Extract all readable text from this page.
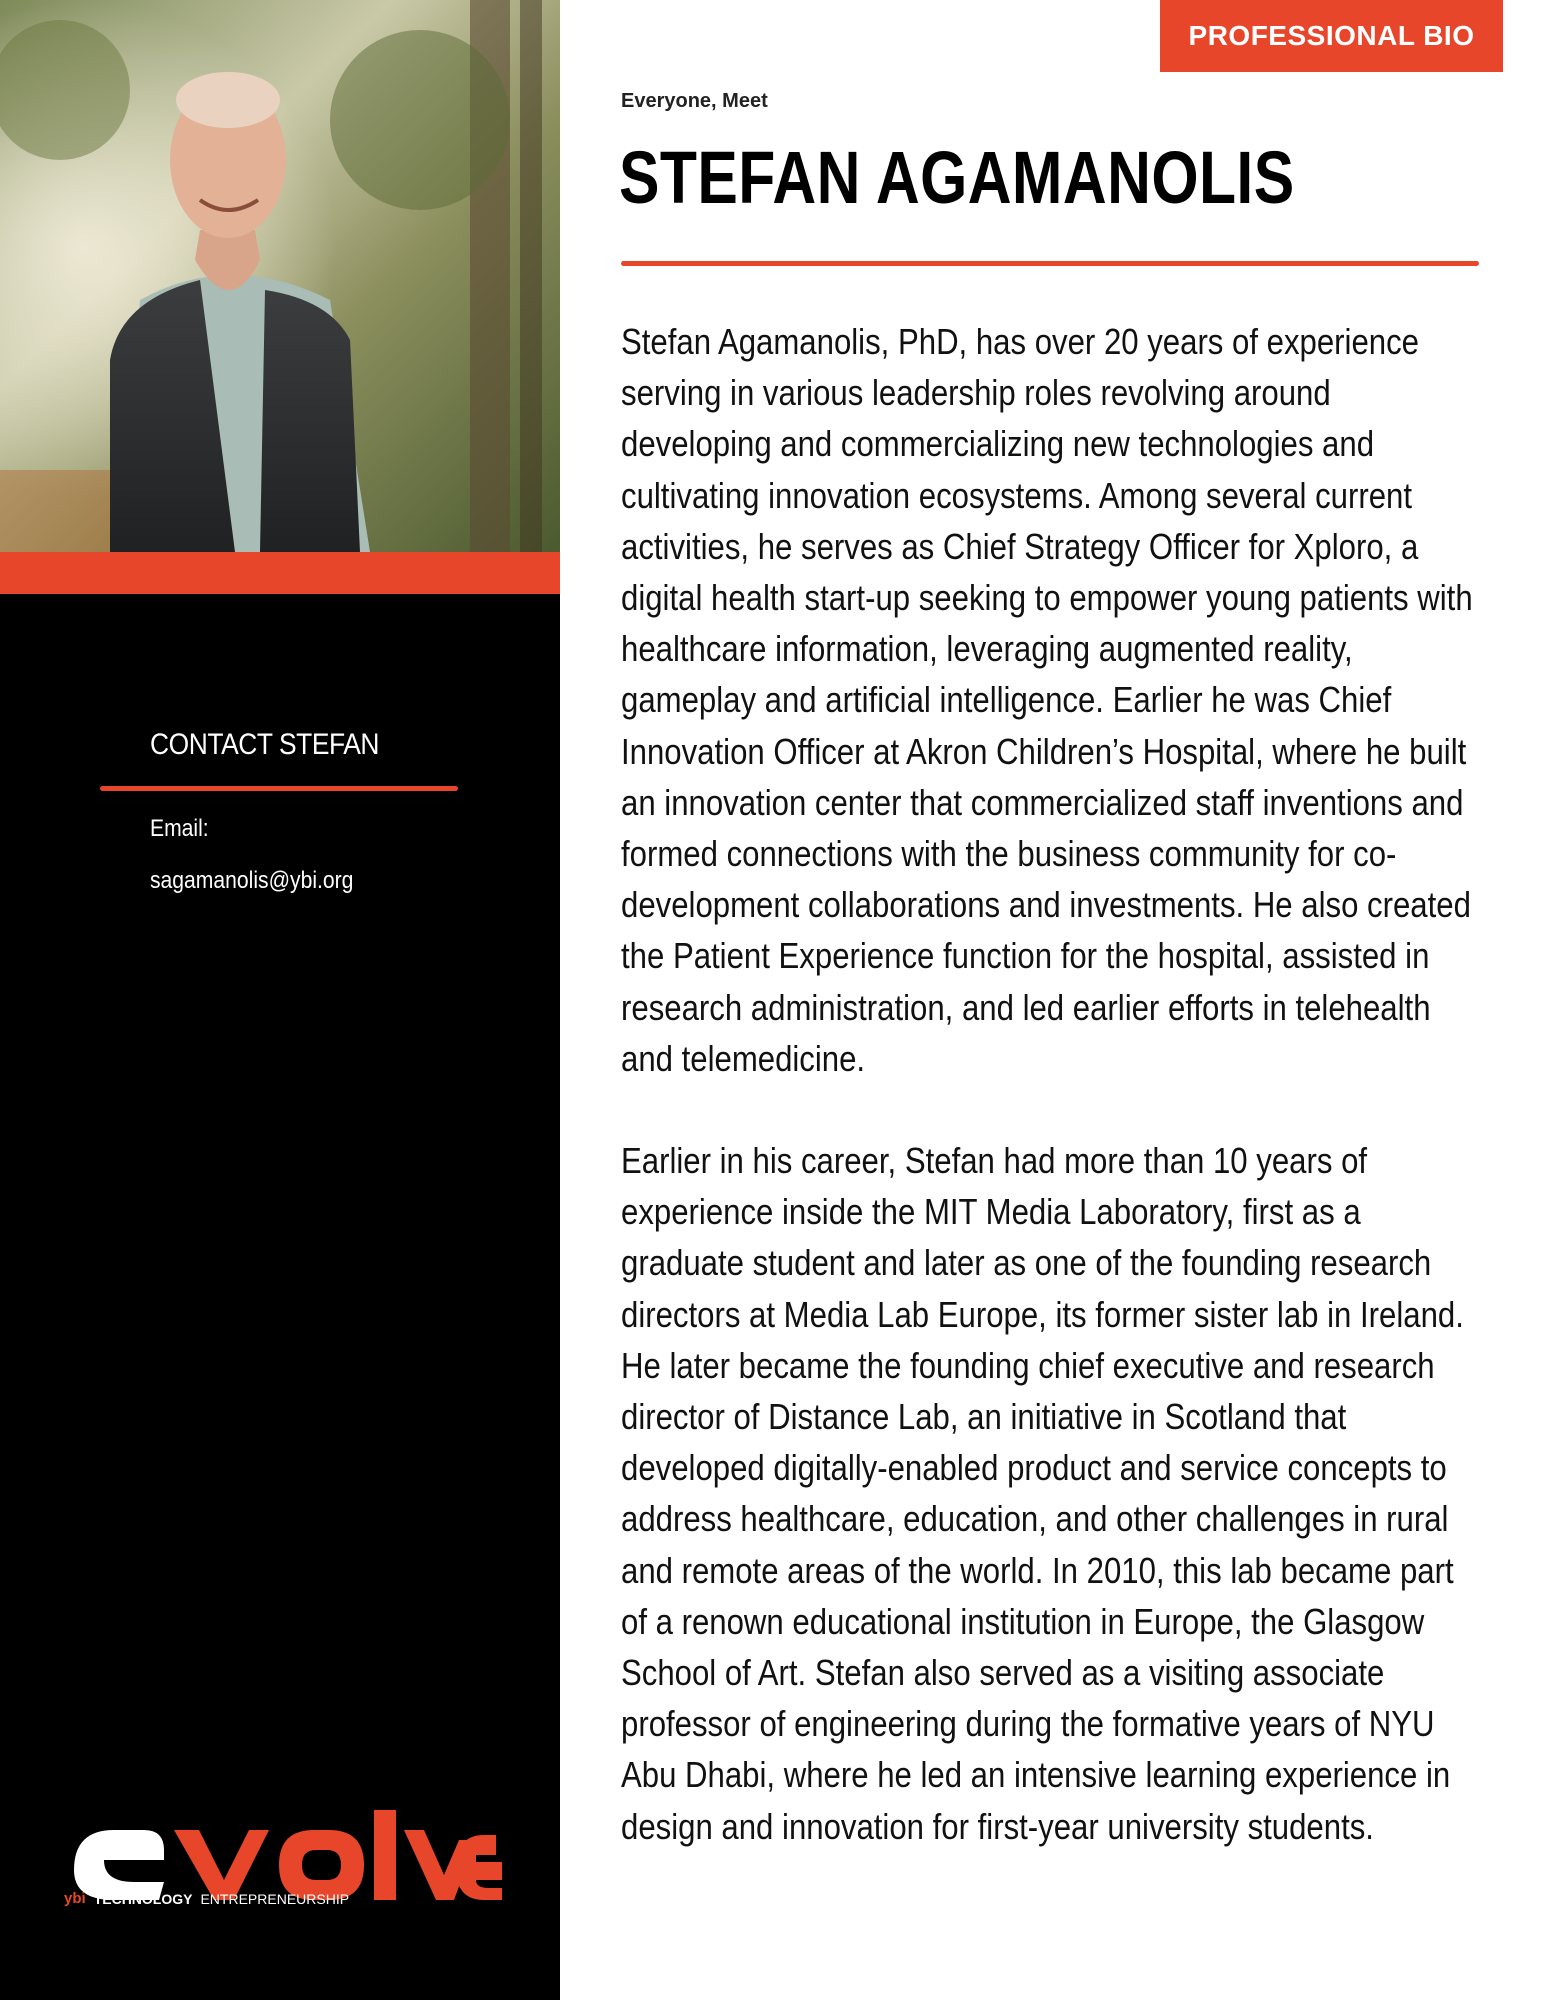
CONTACT STEFAN
Email:
sagamanolis@ybi.org
ybi TECHNOLOGY ENTREPRENEURSHIP
PROFESSIONAL BIO
Everyone, Meet
STEFAN AGAMANOLIS

Stefan Agamanolis, PhD, has over 20 years of experience serving in various leadership roles revolving around developing and commercializing new technologies and cultivating innovation ecosystems. Among several current activities, he serves as Chief Strategy Officer for Xploro, a digital health start-up seeking to empower young patients with healthcare information, leveraging augmented reality, gameplay and artificial intelligence. Earlier he was Chief Innovation Officer at Akron Children’s Hospital, where he built an innovation center that commercialized staff inventions and formed connections with the business community for co-development collaborations and investments. He also created the Patient Experience function for the hospital, assisted in research administration, and led earlier efforts in telehealth and telemedicine.

Earlier in his career, Stefan had more than 10 years of experience inside the MIT Media Laboratory, first as a graduate student and later as one of the founding research directors at Media Lab Europe, its former sister lab in Ireland. He later became the founding chief executive and research director of Distance Lab, an initiative in Scotland that developed digitally-enabled product and service concepts to address healthcare, education, and other challenges in rural and remote areas of the world. In 2010, this lab became part of a renown educational institution in Europe, the Glasgow School of Art. Stefan also served as a visiting associate professor of engineering during the formative years of NYU Abu Dhabi, where he led an intensive learning experience in design and innovation for first-year university students.
